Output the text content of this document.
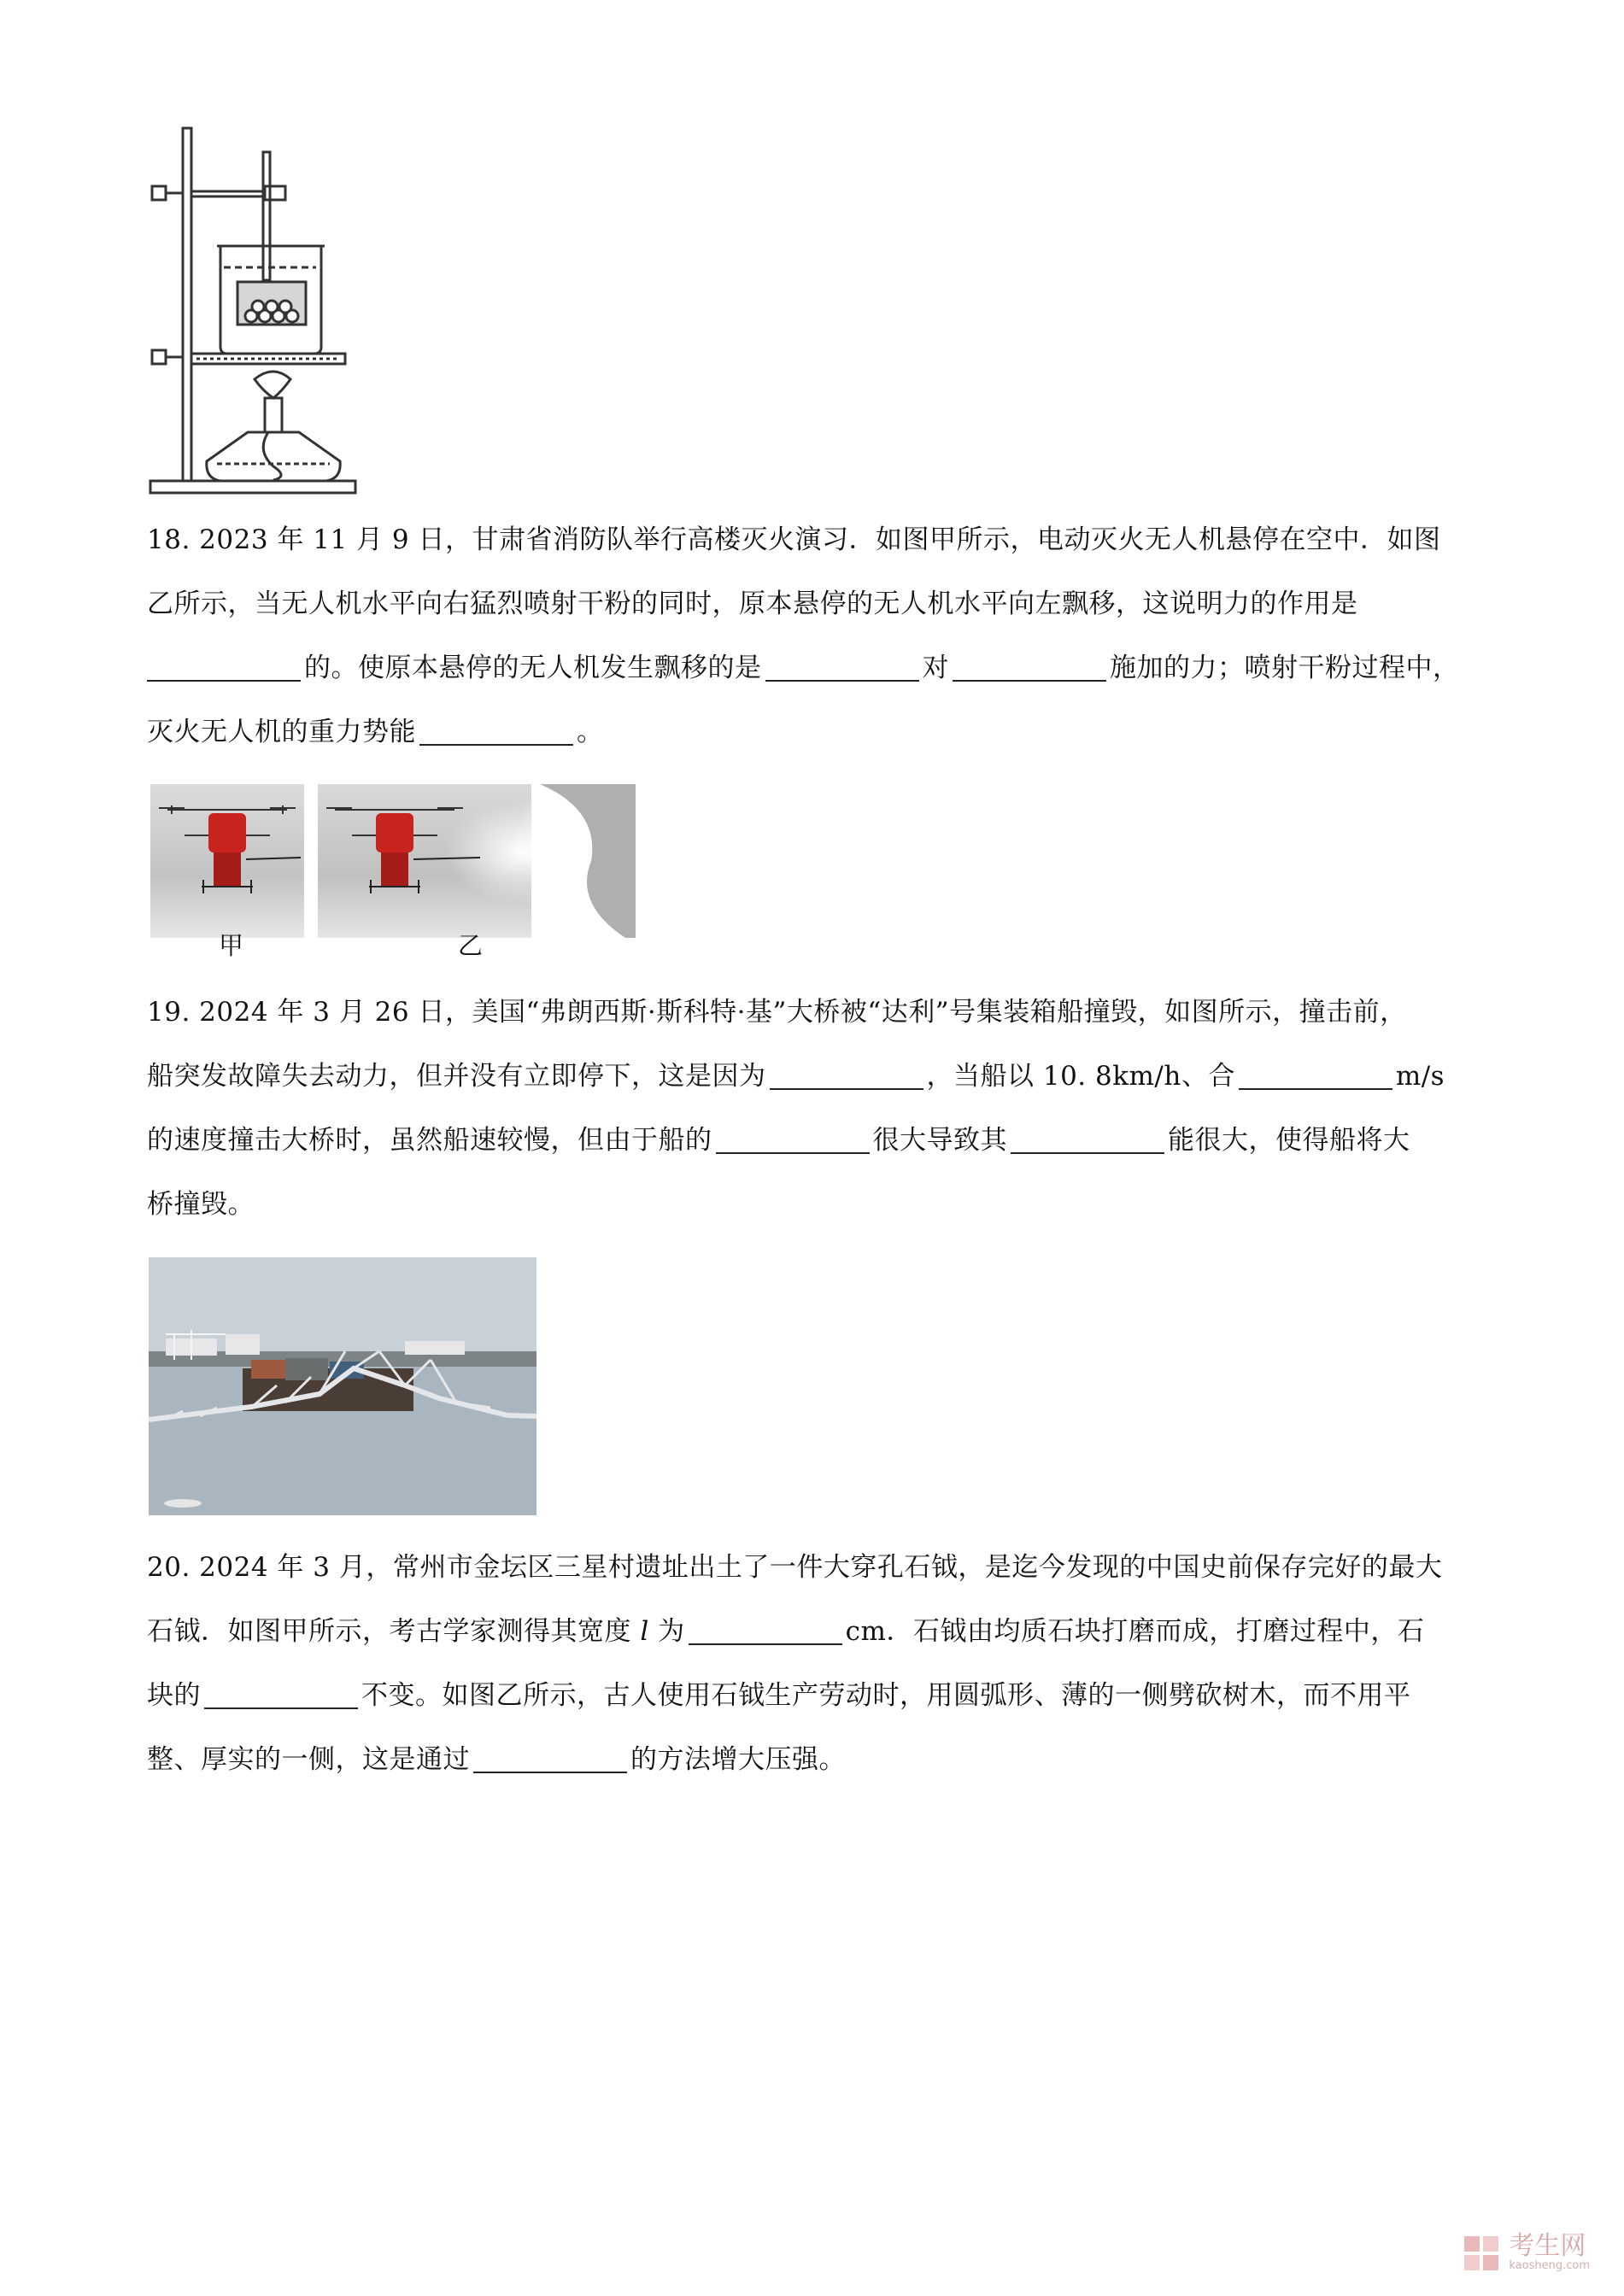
18. 2023 年 11 月 9 日，甘肃省消防队举行高楼灭火演习．如图甲所示，电动灭火无人机悬停在空中．如图

乙所示，当无人机水平向右猛烈喷射干粉的同时，原本悬停的无人机水平向左飘移，这说明力的作用是

的。使原本悬停的无人机发生飘移的是	对	施加的力；喷射干粉过程中，

灭火无人机的重力势能	。

甲	乙

19. 2024 年 3 月 26 日，美国“弗朗西斯·斯科特·基”大桥被“达利”号集装箱船撞毁，如图所示，撞击前，

船突发故障失去动力，但并没有立即停下，这是因为	，当船以 10. 8km/h、合	m/s

的速度撞击大桥时，虽然船速较慢，但由于船的	很大导致其	能很大，使得船将大

桥撞毁。

20. 2024 年 3 月，常州市金坛区三星村遗址出土了一件大穿孔石钺，是迄今发现的中国史前保存完好的最大

石钺．如图甲所示，考古学家测得其宽度 l 为	cm．石钺由均质石块打磨而成，打磨过程中，石

块的	不变。如图乙所示，古人使用石钺生产劳动时，用圆弧形、薄的一侧劈砍树木，而不用平

整、厚实的一侧，这是通过	的方法增大压强。

考生网
kaosheng.com
